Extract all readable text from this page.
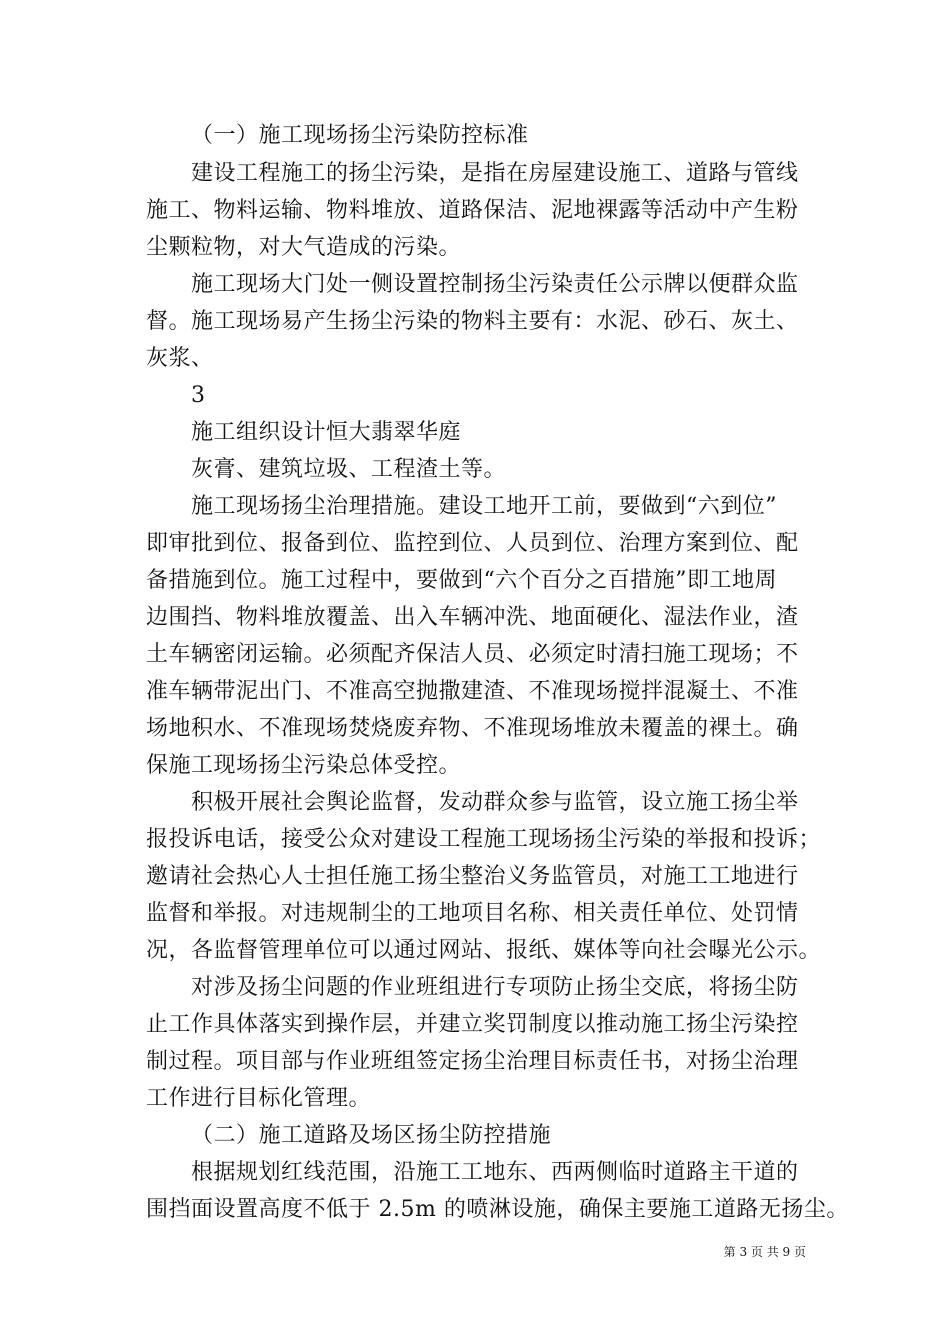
（一）施工现场扬尘污染防控标准
建设工程施工的扬尘污染，是指在房屋建设施工、道路与管线
施工、物料运输、物料堆放、道路保洁、泥地裸露等活动中产生粉
尘颗粒物，对大气造成的污染。
施工现场大门处一侧设置控制扬尘污染责任公示牌以便群众监
督。施工现场易产生扬尘污染的物料主要有：水泥、砂石、灰土、
灰浆、
3
施工组织设计恒大翡翠华庭
灰膏、建筑垃圾、工程渣土等。
施工现场扬尘治理措施。建设工地开工前，要做到“六到位”
即审批到位、报备到位、监控到位、人员到位、治理方案到位、配
备措施到位。施工过程中，要做到“六个百分之百措施”即工地周
边围挡、物料堆放覆盖、出入车辆冲洗、地面硬化、湿法作业，渣
土车辆密闭运输。必须配齐保洁人员、必须定时清扫施工现场；不
准车辆带泥出门、不准高空抛撒建渣、不准现场搅拌混凝土、不准
场地积水、不准现场焚烧废弃物、不准现场堆放未覆盖的裸土。确
保施工现场扬尘污染总体受控。
积极开展社会舆论监督，发动群众参与监管，设立施工扬尘举
报投诉电话，接受公众对建设工程施工现场扬尘污染的举报和投诉；
邀请社会热心人士担任施工扬尘整治义务监管员，对施工工地进行
监督和举报。对违规制尘的工地项目名称、相关责任单位、处罚情
况，各监督管理单位可以通过网站、报纸、媒体等向社会曝光公示。
对涉及扬尘问题的作业班组进行专项防止扬尘交底，将扬尘防
止工作具体落实到操作层，并建立奖罚制度以推动施工扬尘污染控
制过程。项目部与作业班组签定扬尘治理目标责任书，对扬尘治理
工作进行目标化管理。
（二）施工道路及场区扬尘防控措施
根据规划红线范围，沿施工工地东、西两侧临时道路主干道的
围挡面设置高度不低于 2.5m 的喷淋设施，确保主要施工道路无扬尘。
第 3 页 共 9 页
